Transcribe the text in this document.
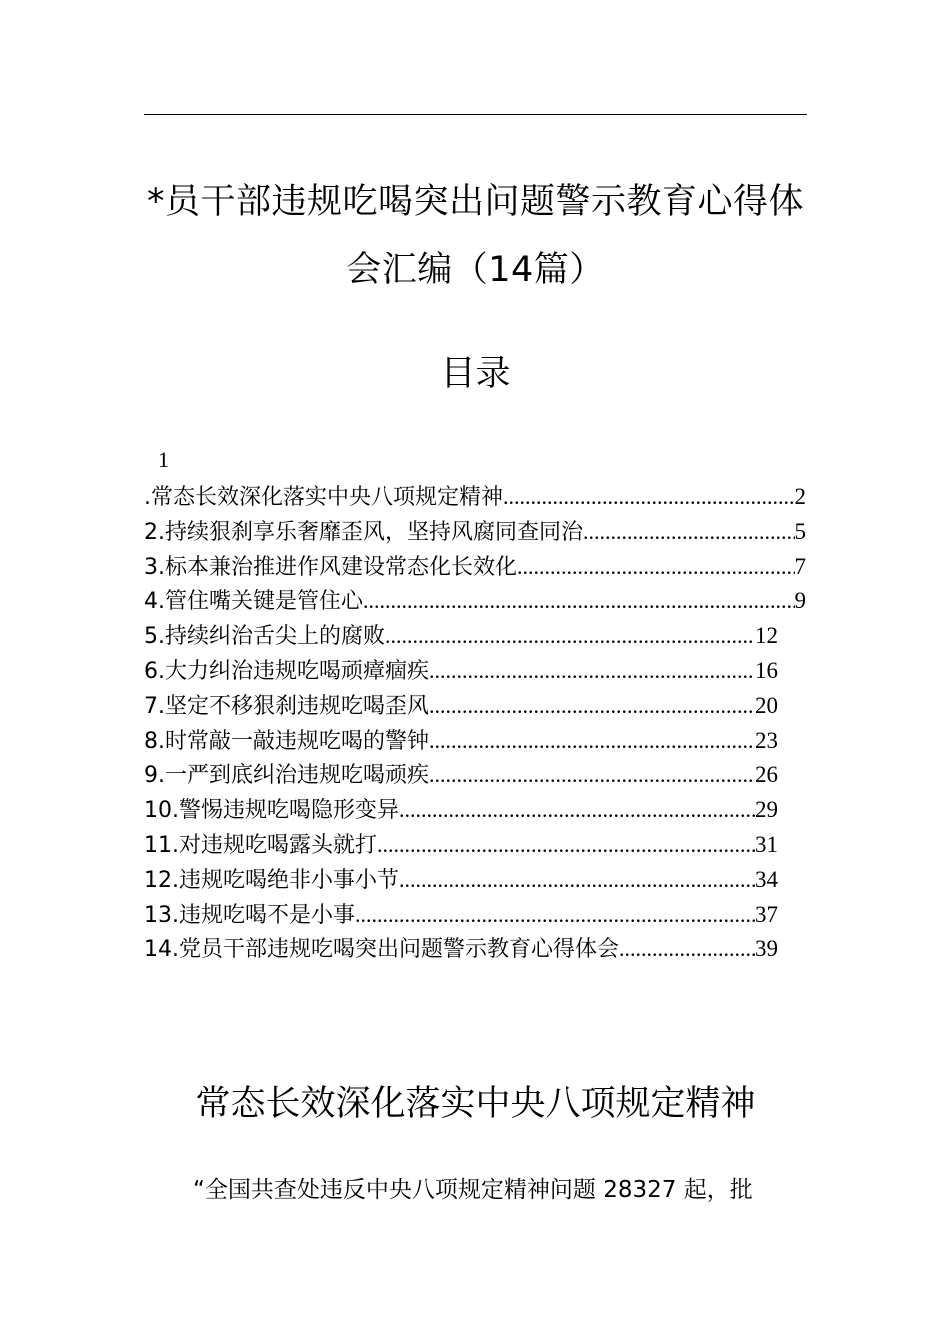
*员干部违规吃喝突出问题警示教育心得体
会汇编（14篇）
目录
1
.常态长效深化落实中央八项规定精神 .....	2
2.持续狠刹享乐奢靡歪风，坚持风腐同查同治 .....	5
3.标本兼治推进作风建设常态化长效化 .....	7
4.管住嘴关键是管住心 .....	9
5.持续纠治舌尖上的腐败 .....	12
6.大力纠治违规吃喝顽瘴痼疾 .....	16
7.坚定不移狠刹违规吃喝歪风 .....	20
8.时常敲一敲违规吃喝的警钟 .....	23
9.一严到底纠治违规吃喝顽疾 .....	26
10.警惕违规吃喝隐形变异 .....	29
11.对违规吃喝露头就打 .....	31
12.违规吃喝绝非小事小节 .....	34
13.违规吃喝不是小事 .....	37
14.党员干部违规吃喝突出问题警示教育心得体会 .....	39
常态长效深化落实中央八项规定精神
“全国共查处违反中央八项规定精神问题 28327 起，批
